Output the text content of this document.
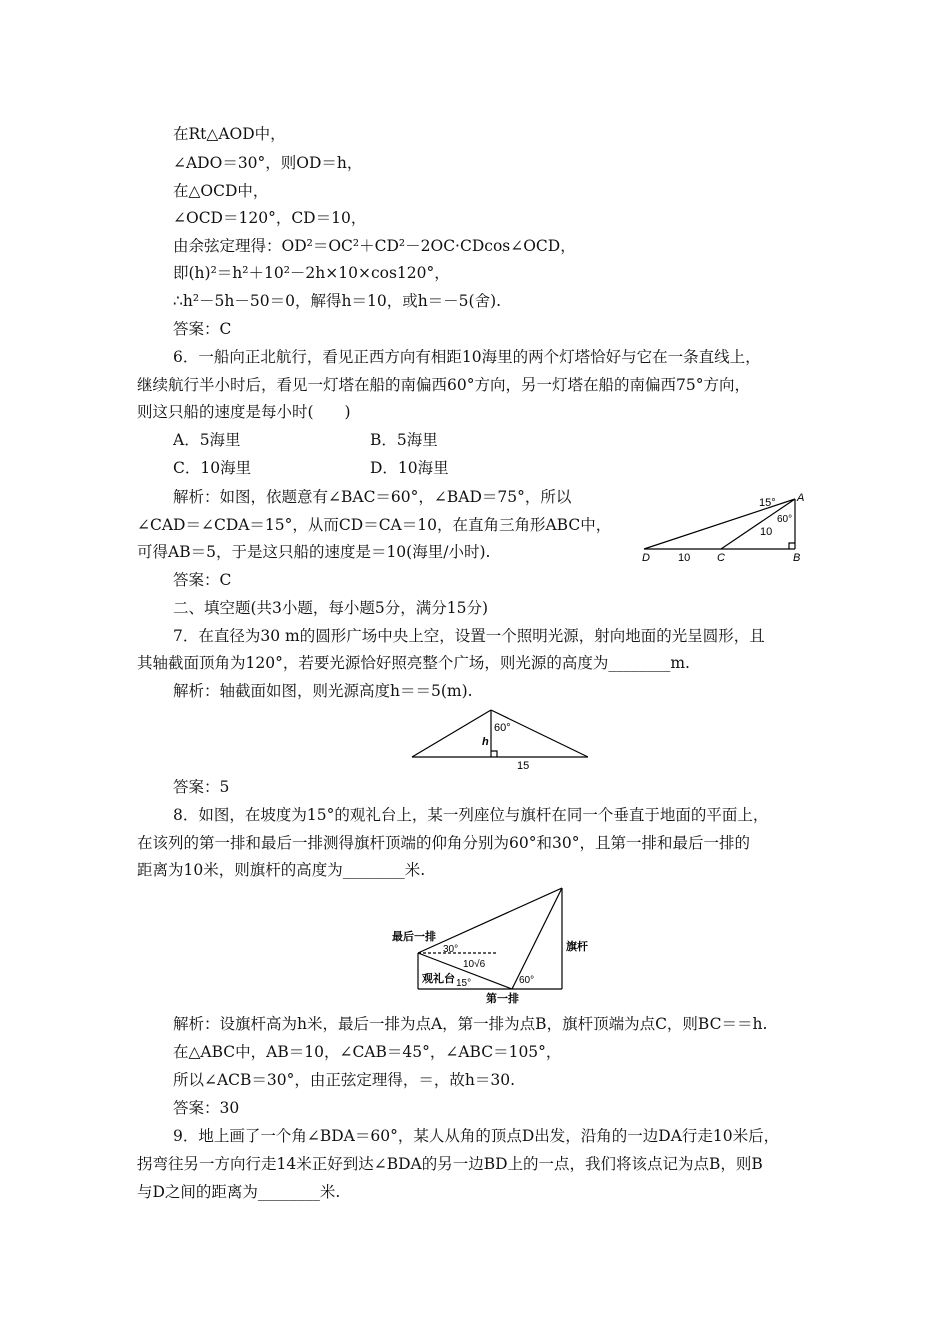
在Rt△AOD中，
∠ADO＝30°，则OD＝h，
在△OCD中，
∠OCD＝120°，CD＝10，
由余弦定理得：OD²＝OC²＋CD²－2OC·CDcos∠OCD，
即(h)²＝h²＋10²－2h×10×cos120°，
∴h²－5h－50＝0，解得h＝10，或h＝－5(舍).
答案：C
6．一船向正北航行，看见正西方向有相距10海里的两个灯塔恰好与它在一条直线上，
继续航行半小时后，看见一灯塔在船的南偏西60°方向，另一灯塔在船的南偏西75°方向，
则这只船的速度是每小时(　　)
A．5海里	B．5海里
C．10海里	D．10海里
解析：如图，依题意有∠BAC＝60°，∠BAD＝75°，所以
∠CAD＝∠CDA＝15°，从而CD＝CA＝10，在直角三角形ABC中，
可得AB＝5，于是这只船的速度是＝10(海里/小时).
答案：C
15° A
60°
10
B
C
D	10
二、填空题(共3小题，每小题5分，满分15分)
7．在直径为30 m的圆形广场中央上空，设置一个照明光源，射向地面的光呈圆形，且
其轴截面顶角为120°，若要光源恰好照亮整个广场，则光源的高度为________m.
解析：轴截面如图，则光源高度h＝＝5(m).
60°
h
15
答案：5
8．如图，在坡度为15°的观礼台上，某一列座位与旗杆在同一个垂直于地面的平面上，
在该列的第一排和最后一排测得旗杆顶端的仰角分别为60°和30°，且第一排和最后一排的
距离为10米，则旗杆的高度为________米.
最后一排
30°
10√6
观礼台 15°	60°
第一排
旗杆
解析：设旗杆高为h米，最后一排为点A，第一排为点B，旗杆顶端为点C，则BC＝＝h.
在△ABC中，AB＝10，∠CAB＝45°，∠ABC＝105°，
所以∠ACB＝30°，由正弦定理得，＝，故h＝30.
答案：30
9．地上画了一个角∠BDA＝60°，某人从角的顶点D出发，沿角的一边DA行走10米后，
拐弯往另一方向行走14米正好到达∠BDA的另一边BD上的一点，我们将该点记为点B，则B
与D之间的距离为________米.
